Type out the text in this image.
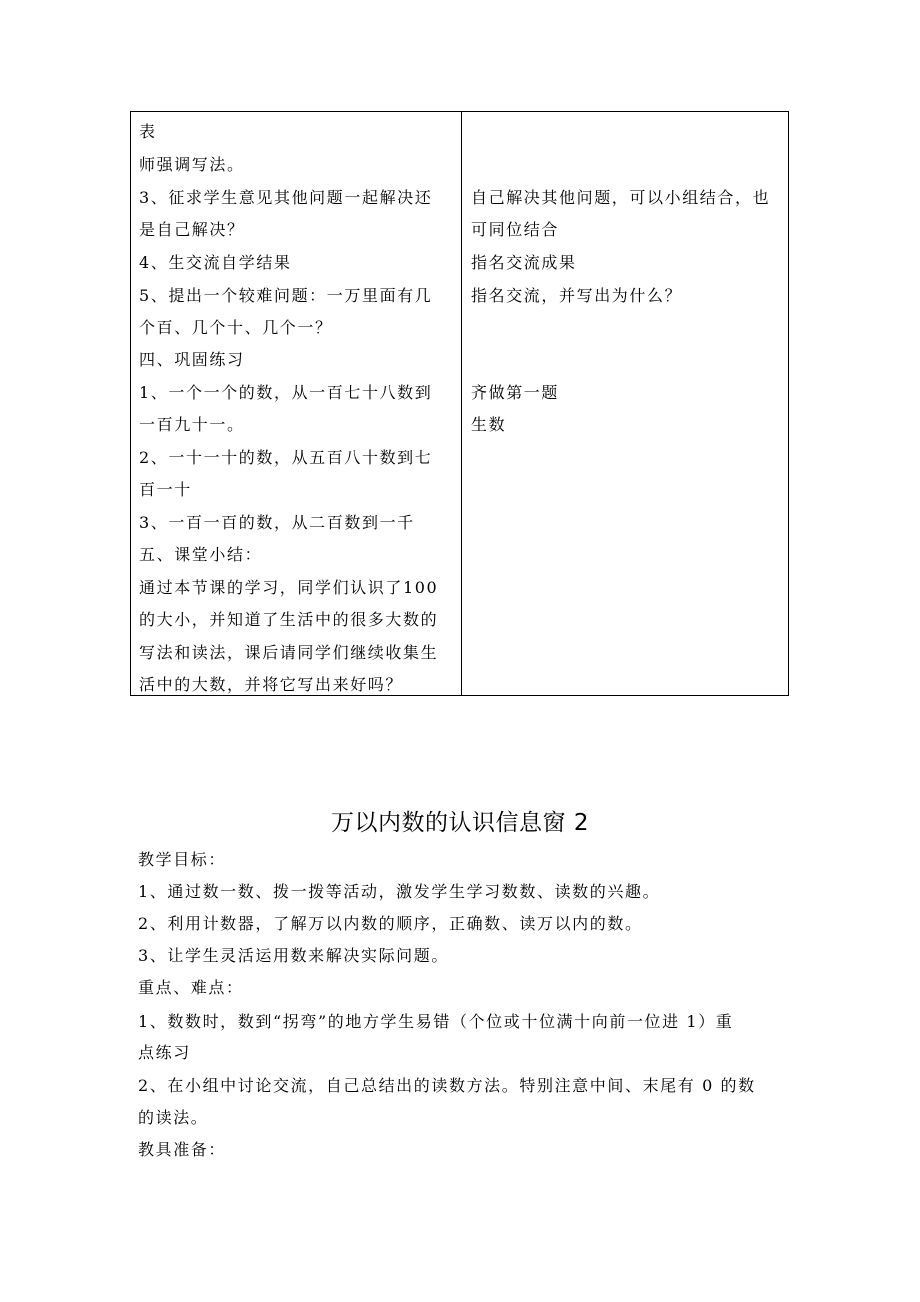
表
师强调写法。
3、征求学生意见其他问题一起解决还
是自己解决？
4、生交流自学结果
5、提出一个较难问题：一万里面有几
个百、几个十、几个一？
四、巩固练习
1、一个一个的数，从一百七十八数到
一百九十一。
2、一十一十的数，从五百八十数到七
百一十
3、一百一百的数，从二百数到一千
五、课堂小结：
通过本节课的学习，同学们认识了100
的大小，并知道了生活中的很多大数的
写法和读法，课后请同学们继续收集生
活中的大数，并将它写出来好吗？
自己解决其他问题，可以小组结合，也
可同位结合
指名交流成果
指名交流，并写出为什么？
齐做第一题
生数
万以内数的认识信息窗 2
教学目标：
1、通过数一数、拨一拨等活动，激发学生学习数数、读数的兴趣。
2、利用计数器，了解万以内数的顺序，正确数、读万以内的数。
3、让学生灵活运用数来解决实际问题。
重点、难点：
1、数数时，数到“拐弯”的地方学生易错（个位或十位满十向前一位进 1）重
点练习
2、在小组中讨论交流，自己总结出的读数方法。特别注意中间、末尾有 0 的数
的读法。
教具准备：
